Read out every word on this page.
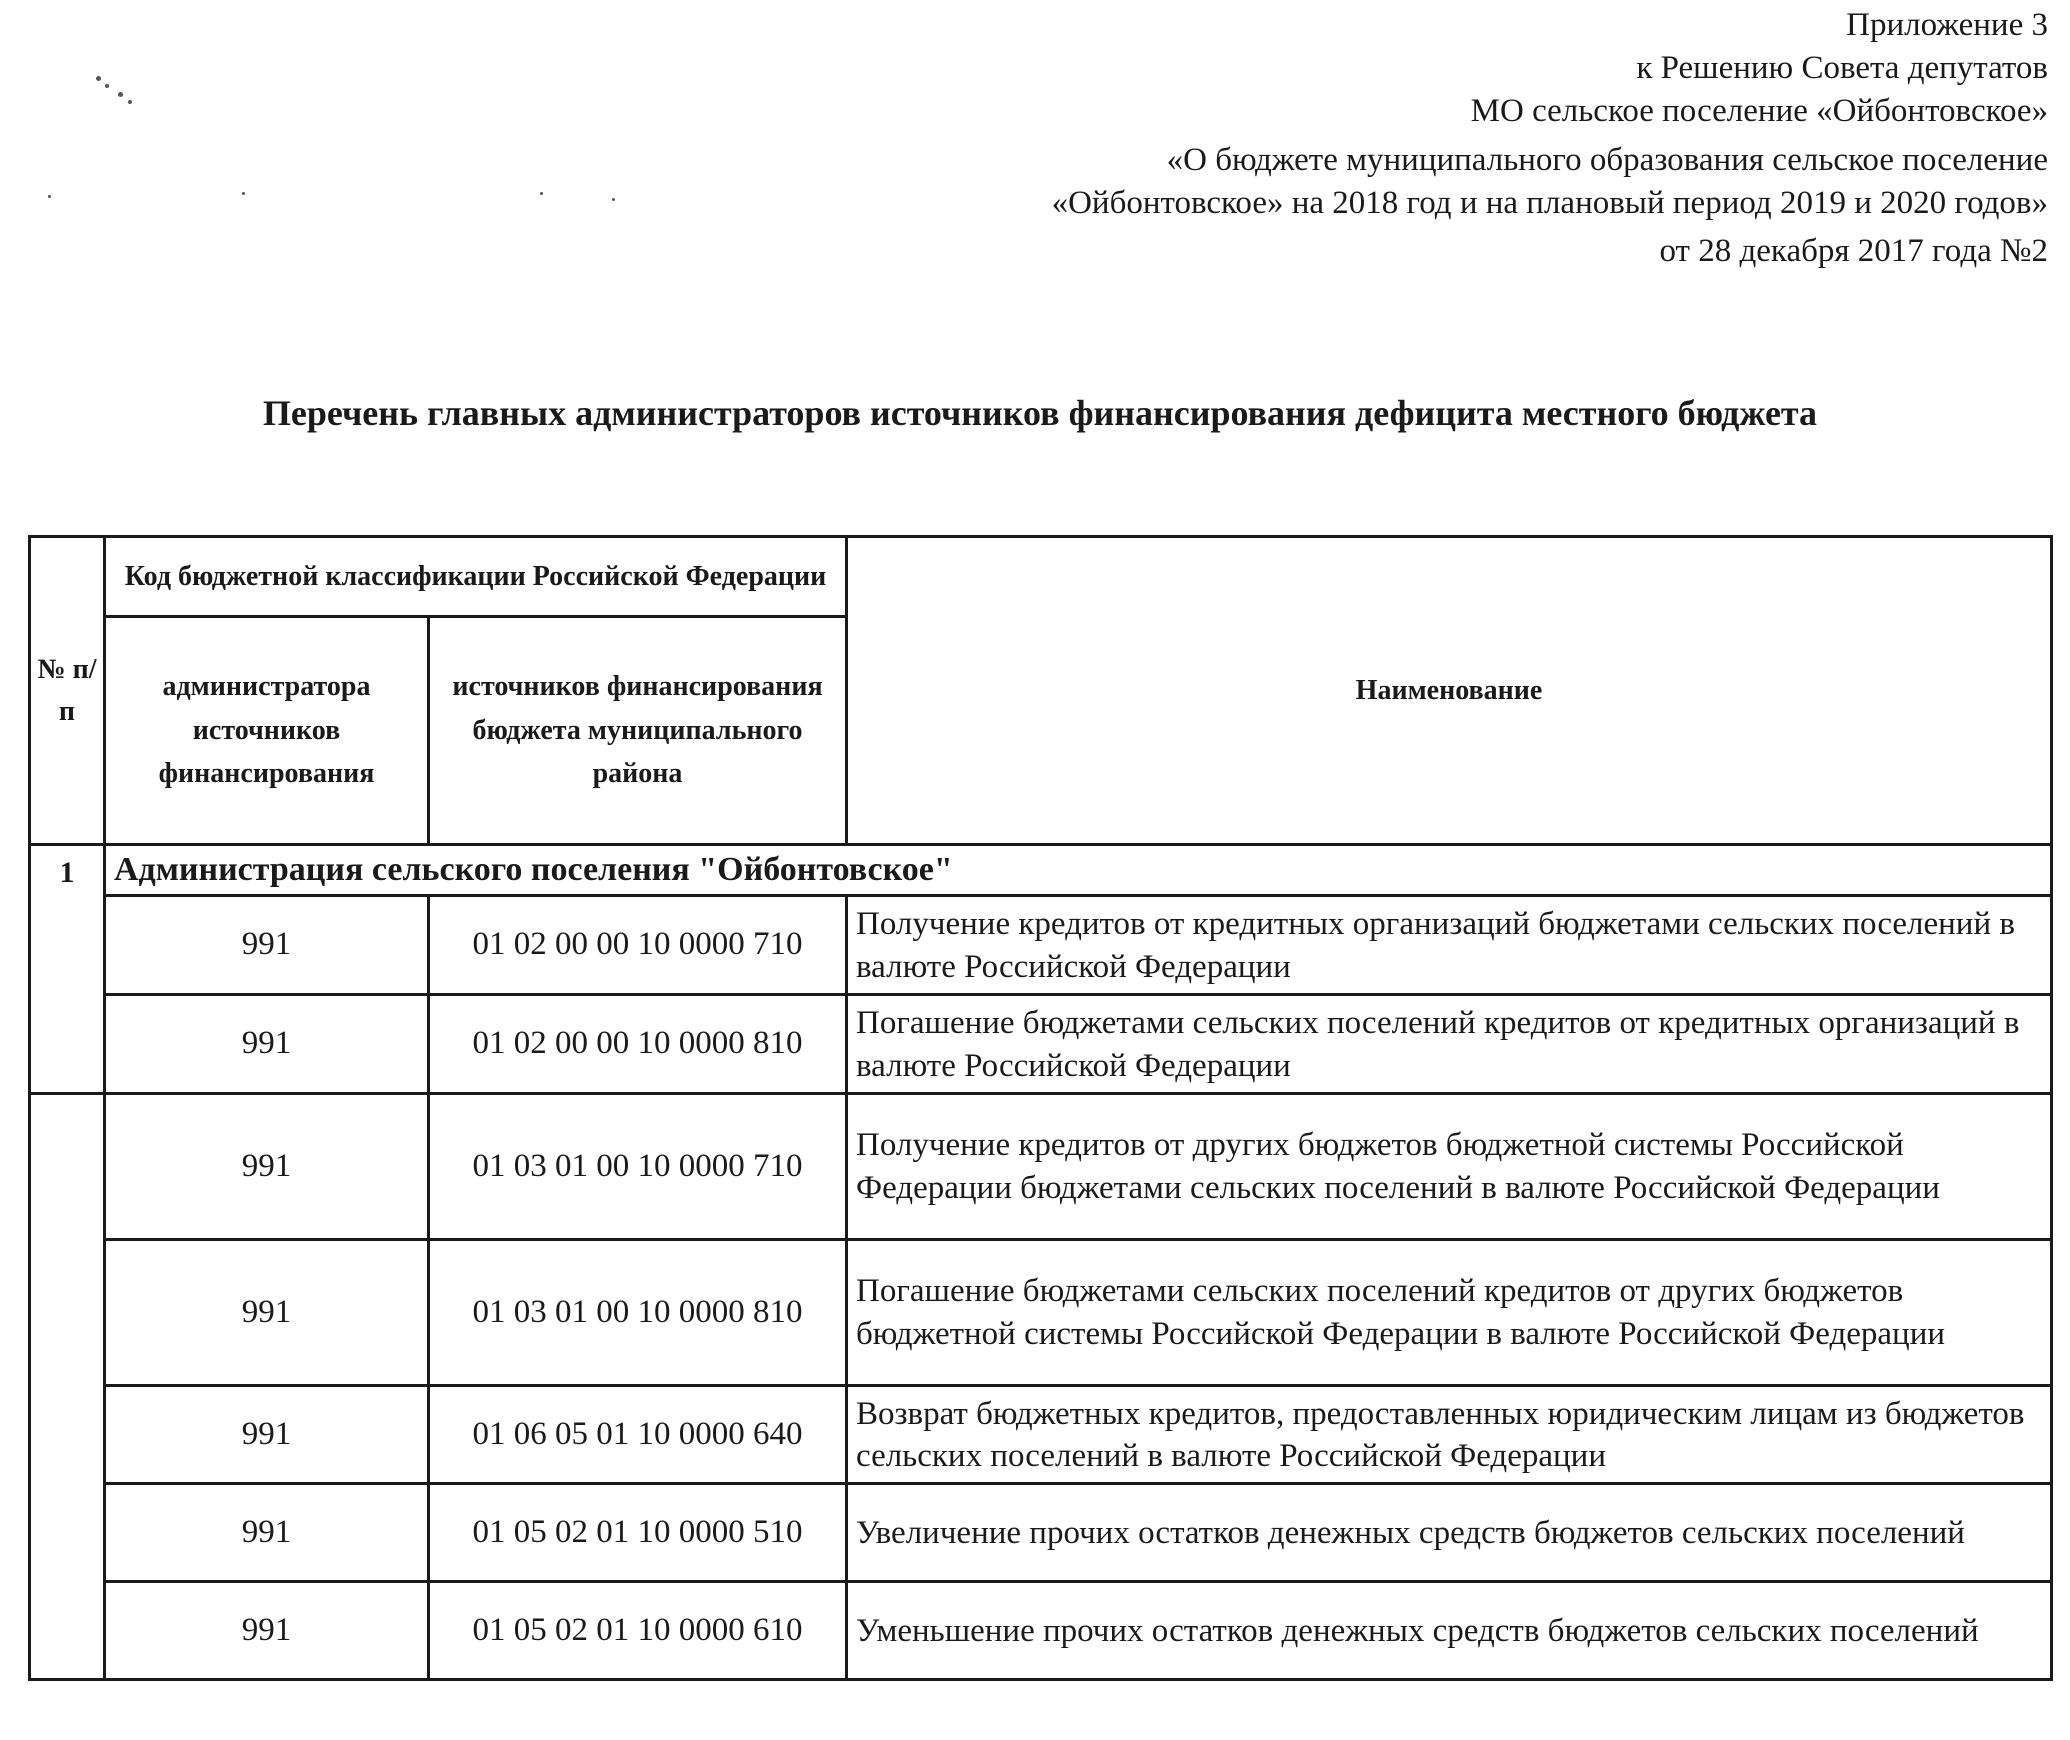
Приложение 3
к Решению Совета депутатов
МО сельское поселение «Ойбонтовское»
«О бюджете муниципального образования сельское поселение
«Ойбонтовское» на 2018 год и на плановый период 2019 и 2020 годов»
от 28 декабря 2017 года №2
Перечень главных администраторов источников финансирования дефицита местного бюджета
№ п/п	Код бюджетной классификации Российской Федерации		Наименование
	администратора источников финансирования	источников финансирования бюджета муниципального района	
1	Администрация сельского поселения "Ойбонтовское"		
	991	01 02 00 00 10 0000 710	Получение кредитов от кредитных организаций бюджетами сельских поселений в валюте Российской Федерации
	991	01 02 00 00 10 0000 810	Погашение бюджетами сельских поселений кредитов от кредитных организаций в валюте Российской Федерации
	991	01 03 01 00 10 0000 710	Получение кредитов от других бюджетов бюджетной системы Российской Федерации бюджетами сельских поселений в валюте Российской Федерации
	991	01 03 01 00 10 0000 810	Погашение бюджетами сельских поселений кредитов от других бюджетов бюджетной системы Российской Федерации в валюте Российской Федерации
	991	01 06 05 01 10 0000 640	Возврат бюджетных кредитов, предоставленных юридическим лицам из бюджетов сельских поселений в валюте Российской Федерации
	991	01 05 02 01 10 0000 510	Увеличение прочих остатков денежных средств бюджетов сельских поселений
	991	01 05 02 01 10 0000 610	Уменьшение прочих остатков денежных средств бюджетов сельских поселений
